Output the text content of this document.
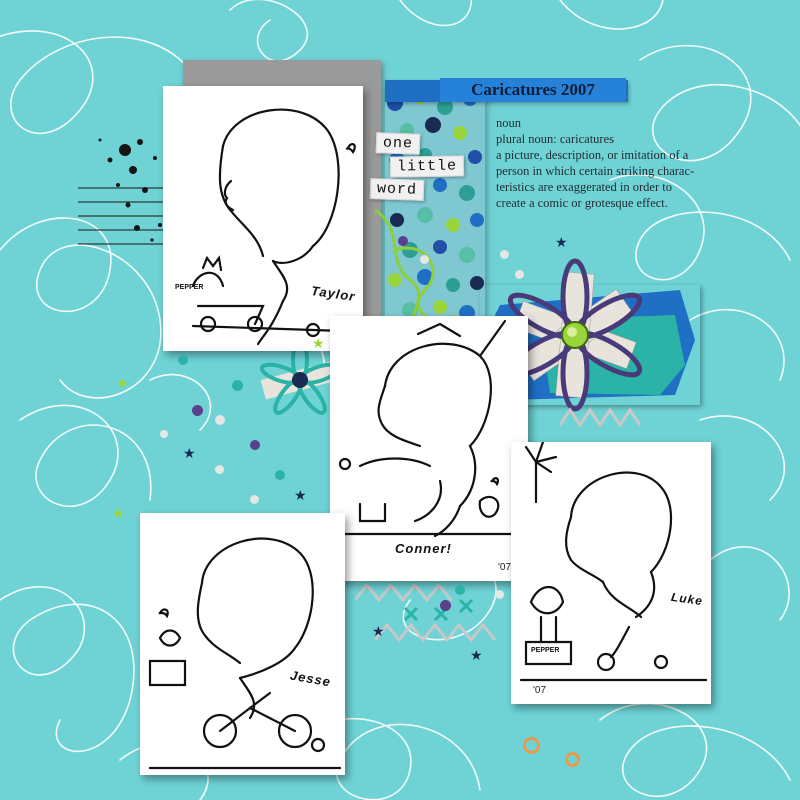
Caricatures 2007

noun

plural noun: caricatures

a picture, description, or imitation of a

person in which certain striking charac-

teristics are exaggerated in order to

create a comic or grotesque effect.

one
little
word
Taylor
PEPPER
Conner!
'07
Jesse
Luke
PEPPER
'07
★
★
★
★
★
★
★
★
